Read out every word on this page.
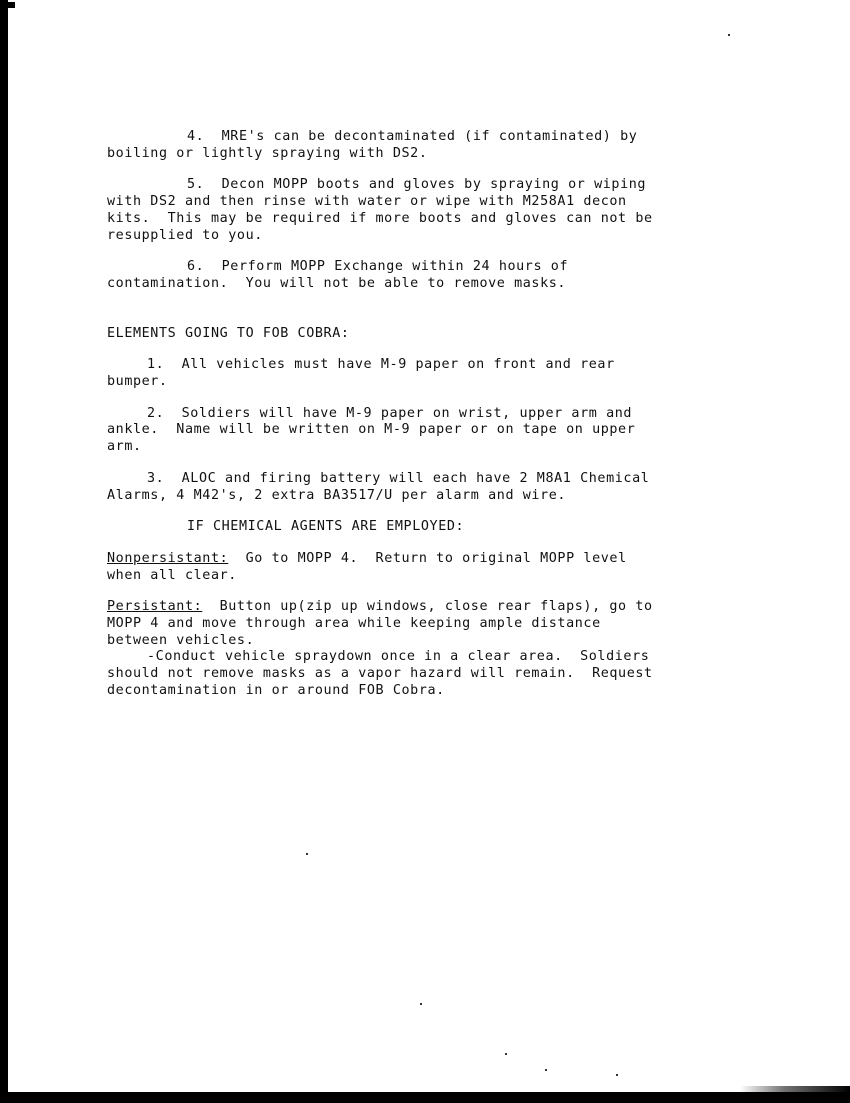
4.  MRE's can be decontaminated (if contaminated) by

boiling or lightly spraying with DS2.

5.  Decon MOPP boots and gloves by spraying or wiping

with DS2 and then rinse with water or wipe with M258A1 decon
kits.  This may be required if more boots and gloves can not be
resupplied to you.

6.  Perform MOPP Exchange within 24 hours of

contamination.  You will not be able to remove masks.

ELEMENTS GOING TO FOB COBRA:

1.  All vehicles must have M-9 paper on front and rear

bumper.

2.  Soldiers will have M-9 paper on wrist, upper arm and

ankle.  Name will be written on M-9 paper or on tape on upper
arm.

3.  ALOC and firing battery will each have 2 M8A1 Chemical

Alarms, 4 M42's, 2 extra BA3517/U per alarm and wire.

IF CHEMICAL AGENTS ARE EMPLOYED:

Nonpersistant:  Go to MOPP 4.  Return to original MOPP level
when all clear.

Persistant:  Button up(zip up windows, close rear flaps), go to
MOPP 4 and move through area while keeping ample distance
between vehicles.

-Conduct vehicle spraydown once in a clear area.  Soldiers

should not remove masks as a vapor hazard will remain.  Request
decontamination in or around FOB Cobra.
